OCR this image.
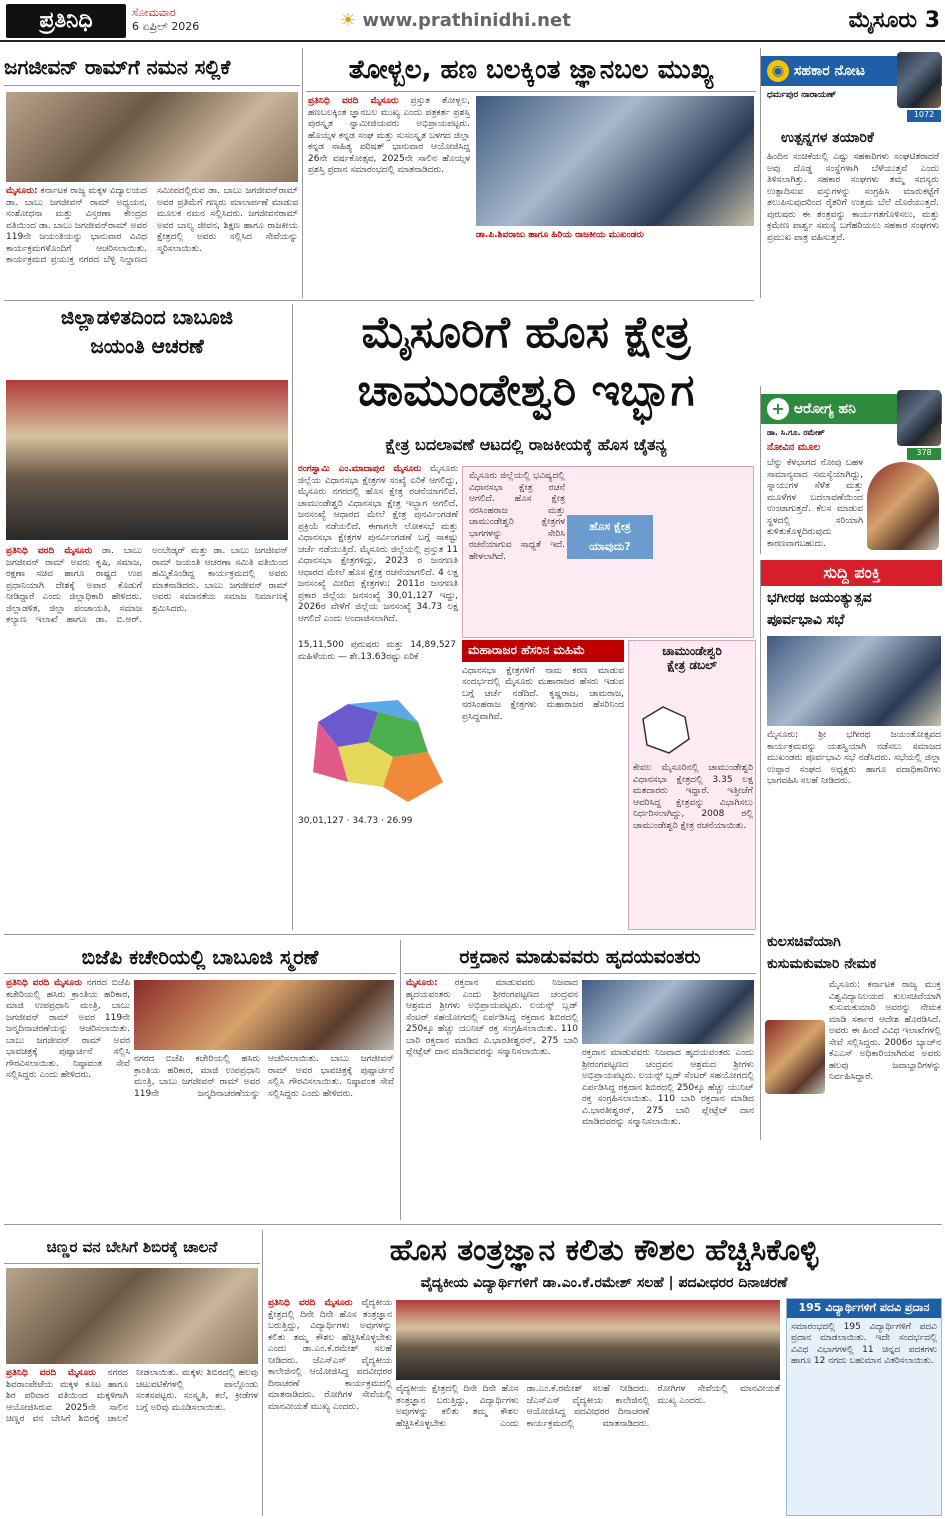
ಪ್ರತಿನಿಧಿ	ಸೋಮವಾರ
6 ಏಪ್ರಿಲ್ 2026	☀ www.prathinidhi.net	ಮೈಸೂರು 3
ಜಗಜೀವನ್ ರಾಮ್‌ಗೆ ನಮನ ಸಲ್ಲಿಕೆ
ಮೈಸೂರು: ಕರ್ನಾಟಕ ರಾಜ್ಯ ಮಕ್ಕಳ ವಿದ್ಯಾಲಯದ ಡಾ. ಬಾಬು ಜಗಜೀವನ್ ರಾಮ್ ಅಧ್ಯಯನ, ಸಂಶೋಧನಾ ಮತ್ತು ವಿಸ್ತರಣಾ ಕೇಂದ್ರದ ವತಿಯಿಂದ ಡಾ. ಬಾಬು ಜಗಜೀವನ್‌ರಾಮ್ ಅವರ 119ನೇ ಜಯಂತಿಯನ್ನು ಭಾನುವಾರ ವಿವಿಧ ಕಾರ್ಯಕ್ರಮಗಳೊಂದಿಗೆ ಆಚರಿಸಲಾಯಿತು. ಕಾರ್ಯಕ್ರಮದ ಪ್ರಯುಕ್ತ ನಗರದ ಬೆಳ್ಳಿ ನಿಲ್ದಾಣದ ಸಮೀಪದಲ್ಲಿರುವ ಡಾ. ಬಾಬು ಜಗಜೀವನ್‌ರಾಮ್ ಅವರ ಪ್ರತಿಮೆಗೆ ಗಣ್ಯರು ಮಾಲಾರ್ಪಣೆ ಮಾಡುವ ಮೂಲಕ ನಮನ ಸಲ್ಲಿಸಿದರು. ಜಗಜೀವನರಾಮ್ ಅವರ ಬಾಲ್ಯ ಜೀವನ, ಶಿಕ್ಷಣ ಹಾಗೂ ರಾಜಕೀಯ ಕ್ಷೇತ್ರದಲ್ಲಿ ಅವರು ಸಲ್ಲಿಸಿದ ಸೇವೆಯನ್ನು ಸ್ಮರಿಸಲಾಯಿತು.
ತೋಳ್ಬಲ, ಹಣ ಬಲಕ್ಕಿಂತ ಜ್ಞಾನಬಲ ಮುಖ್ಯ
ಪ್ರತಿನಿಧಿ ವರದಿ ಮೈಸೂರು ಪ್ರಸ್ತುತ ತೋಳ್ಬಲ, ಹಣಬಲಕ್ಕಿಂತ ಜ್ಞಾನಬಲ ಮುಖ್ಯ ಎಂದು ಪತ್ರಕರ್ತ ಪ್ರಶಸ್ತಿ ಪುರಸ್ಕೃತ ಸ್ವಾಮೀಜಿಯವರು ಅಭಿಪ್ರಾಯಪಟ್ಟರು. ಹೊಯ್ಸಳ ಕನ್ನಡ ಸಂಘ ಮತ್ತು ಸುಸಂಸ್ಕೃತ ಬಳಗದ ಜಿಲ್ಲಾ ಕನ್ನಡ ಸಾಹಿತ್ಯ ಪರಿಷತ್ ಭಾನುವಾರ ಆಯೋಜಿಸಿದ್ದ 26ನೇ ವರ್ಷಕೋತ್ಸವ, 2025ನೇ ಸಾಲಿನ ಹೊಯ್ಸಳ ಪ್ರಶಸ್ತಿ ಪ್ರದಾನ ಸಮಾರಂಭದಲ್ಲಿ ಮಾತನಾಡಿದರು.
ಡಾ.ಪಿ.ಶಿವರಾಜು ಹಾಗೂ ಹಿರಿಯ ರಾಜಕೀಯ ಮುಖಂಡರು
◉ ಸಹಕಾರ ನೋಟ
ಧರ್ಮಪುರ ನಾರಾಯಣ್
1072
ಉತ್ಪನ್ನಗಳ ತಯಾರಿಕೆ
ಹಿಂದಿನ ಸಂಚಿಕೆಯಲ್ಲಿ ಎಷ್ಟು ಸಹಕಾರಿಗಳು ಸಂಘಟಿತರಾದರೆ ಅವು ದೊಡ್ಡ ಸಂಸ್ಥೆಗಳಾಗಿ ಬೆಳೆಯುತ್ತವೆ ಎಂದು ತಿಳಿಸಲಾಗಿತ್ತು. ಸಹಕಾರ ಸಂಘಗಳು ತಮ್ಮ ಸದಸ್ಯರು ಉತ್ಪಾದಿಸುವ ವಸ್ತುಗಳನ್ನು ಸಂಗ್ರಹಿಸಿ ಮಾರುಕಟ್ಟೆಗೆ ತಲುಪಿಸುವುದರಿಂದ ರೈತರಿಗೆ ಉತ್ತಮ ಬೆಲೆ ದೊರೆಯುತ್ತದೆ. ಪುರುಷರು ಈ ತಂತ್ರವನ್ನು ಕಾರ್ಯಗತಗೊಳಿಸಲು, ಮತ್ತು ಕ್ರಮೇಣ ಪಾರ್ಶ್ವ ಸಮಸ್ಯೆ ಬಗೆಹರಿಯಲು ಸಹಕಾರ ಸಂಘಗಳು ಪ್ರಮುಖ ಪಾತ್ರ ವಹಿಸುತ್ತವೆ.
ಜಿಲ್ಲಾಡಳಿತದಿಂದ ಬಾಬೂಜಿ
ಜಯಂತಿ ಆಚರಣೆ
ಪ್ರತಿನಿಧಿ ವರದಿ ಮೈಸೂರು ಡಾ. ಬಾಬು ಜಗಜೀವನ್ ರಾಮ್ ಅವರು ಕೃಷಿ, ಸಮಾಜ, ರಕ್ಷಣಾ ಸಚಿವ ಹಾಗೂ ರಾಷ್ಟ್ರದ ಉಪ ಪ್ರಧಾನಿಯಾಗಿ ದೇಶಕ್ಕೆ ಅಪಾರ ಕೊಡುಗೆ ನೀಡಿದ್ದಾರೆ ಎಂದು ಜಿಲ್ಲಾಧಿಕಾರಿ ಹೇಳಿದರು. ಜಿಲ್ಲಾಡಳಿತ, ಜಿಲ್ಲಾ ಪಂಚಾಯತಿ, ಸಮಾಜ ಕಲ್ಯಾಣ ಇಲಾಖೆ ಹಾಗೂ ಡಾ. ಬಿ.ಆರ್. ಅಂಬೇಡ್ಕರ್ ಮತ್ತು ಡಾ. ಬಾಬು ಜಗಜೀವನ್ ರಾಮ್ ಜಯಂತಿ ಆಚರಣಾ ಸಮಿತಿ ವತಿಯಿಂದ ಹಮ್ಮಿಕೊಂಡಿದ್ದ ಕಾರ್ಯಕ್ರಮದಲ್ಲಿ ಅವರು ಮಾತನಾಡಿದರು. ಬಾಬು ಜಗಜೀವನ್ ರಾಮ್ ಅವರು ಸಮಾನತೆಯ ಸಮಾಜ ನಿರ್ಮಾಣಕ್ಕೆ ಶ್ರಮಿಸಿದರು.
ಮೈಸೂರಿಗೆ ಹೊಸ ಕ್ಷೇತ್ರ
ಚಾಮುಂಡೇಶ್ವರಿ ಇಬ್ಭಾಗ
ಕ್ಷೇತ್ರ ಬದಲಾವಣೆ ಆಟದಲ್ಲಿ ರಾಜಕೀಯಕ್ಕೆ ಹೊಸ ಚೈತನ್ಯ
ರಂಗಸ್ವಾಮಿ ಎಂ.ಮಾದಾಪುರ ಮೈಸೂರು ಮೈಸೂರು ಜಿಲ್ಲೆಯ ವಿಧಾನಸಭಾ ಕ್ಷೇತ್ರಗಳ ಸಂಖ್ಯೆ ಏರಿಕೆ ಆಗಲಿದ್ದು, ಮೈಸೂರು ನಗರದಲ್ಲಿ ಹೊಸ ಕ್ಷೇತ್ರ ರಚನೆಯಾಗಲಿದೆ. ಚಾಮುಂಡೇಶ್ವರಿ ವಿಧಾನಸಭಾ ಕ್ಷೇತ್ರ ಇಬ್ಭಾಗ ಆಗಲಿದೆ. ಜನಸಂಖ್ಯೆ ಆಧಾರದ ಮೇಲೆ ಕ್ಷೇತ್ರ ಪುನರ್ವಿಂಗಡಣೆ ಪ್ರಕ್ರಿಯೆ ನಡೆಯಲಿದೆ. ಈಗಾಗಲೇ ಲೋಕಸಭೆ ಮತ್ತು ವಿಧಾನಸಭಾ ಕ್ಷೇತ್ರಗಳ ಪುನರ್ವಿಂಗಡಣೆ ಬಗ್ಗೆ ಸಾಕಷ್ಟು ಚರ್ಚೆ ನಡೆಯುತ್ತಿದೆ. ಮೈಸೂರು ಜಿಲ್ಲೆಯಲ್ಲಿ ಪ್ರಸ್ತುತ 11 ವಿಧಾನಸಭಾ ಕ್ಷೇತ್ರಗಳಿದ್ದು, 2023 ರ ಜನಗಣತಿ ಆಧಾರದ ಮೇಲೆ ಹೊಸ ಕ್ಷೇತ್ರ ರಚನೆಯಾಗಲಿದೆ. 4 ಲಕ್ಷ ಜನಸಂಖ್ಯೆ ಮೀರಿದ ಕ್ಷೇತ್ರಗಳು: 2011ರ ಜನಗಣತಿ ಪ್ರಕಾರ ಜಿಲ್ಲೆಯ ಜನಸಂಖ್ಯೆ 30,01,127 ಇದ್ದು, 2026ರ ವೇಳೆಗೆ ಜಿಲ್ಲೆಯ ಜನಸಂಖ್ಯೆ 34.73 ಲಕ್ಷ ಆಗಲಿದೆ ಎಂದು ಅಂದಾಜಿಸಲಾಗಿದೆ.
ಹೊಸ ಕ್ಷೇತ್ರ
ಯಾವುದು?
ಮೈಸೂರು ಜಿಲ್ಲೆಯಲ್ಲಿ ಭವಿಷ್ಯದಲ್ಲಿ ವಿಧಾನಸಭಾ ಕ್ಷೇತ್ರ ರಚನೆ ಆಗಲಿದೆ. ಹೊಸ ಕ್ಷೇತ್ರ ನರಸಿಂಹರಾಜ ಮತ್ತು ಚಾಮುಂಡೇಶ್ವರಿ ಕ್ಷೇತ್ರಗಳ ಭಾಗಗಳನ್ನು ಸೇರಿಸಿ ರಚನೆಯಾಗುವ ಸಾಧ್ಯತೆ ಇದೆ. ಹೇಳಲಾಗಿದೆ.
15,11,500 ಪುರುಷರು ಮತ್ತು 14,89,527 ಮಹಿಳೆಯರು — ಶೇ.13.63ರಷ್ಟು ಏರಿಕೆ
30,01,127 · 34.73 · 26.99
ಮಹಾರಾಜರ ಹೆಸರಿನ ಮಹಿಮೆ
ವಿಧಾನಸಭಾ ಕ್ಷೇತ್ರಗಳಿಗೆ ನಾಮ ಕರಣ ಮಾಡುವ ಸಂದರ್ಭದಲ್ಲಿ ಮೈಸೂರು ಮಹಾರಾಜರ ಹೆಸರು ಇಡುವ ಬಗ್ಗೆ ಚರ್ಚೆ ನಡೆದಿದೆ. ಕೃಷ್ಣರಾಜ, ಚಾಮರಾಜ, ನರಸಿಂಹರಾಜ ಕ್ಷೇತ್ರಗಳು ಮಹಾರಾಜರ ಹೆಸರಿನಿಂದ ಪ್ರಸಿದ್ಧವಾಗಿವೆ.
ಚಾಮುಂಡೇಶ್ವರಿ
ಕ್ಷೇತ್ರ ಡಬಲ್
ಕೇವಲ ಮೈಸೂರಿನಲ್ಲಿ ಚಾಮುಂಡೇಶ್ವರಿ ವಿಧಾನಸಭಾ ಕ್ಷೇತ್ರದಲ್ಲಿ 3.35 ಲಕ್ಷ ಮತದಾರರು ಇದ್ದಾರೆ. ಇತ್ತೀಚೆಗೆ ಆವರಿಸಿದ್ದ ಕ್ಷೇತ್ರವನ್ನು ವಿಭಾಗಿಸಲು ನಿರ್ಧರಿಸಲಾಗಿದ್ದು, 2008 ರಲ್ಲಿ ಚಾಮುಂಡೇಶ್ವರಿ ಕ್ಷೇತ್ರ ರಚನೆಯಾಯಿತು.
+ ಆರೋಗ್ಯ ಹನಿ
ಡಾ. ಸಿ.ಗೂ. ರಮೇಶ್
378
ನೋವಿನ ಮೂಲ
ಬೆನ್ನು ಕೆಳಭಾಗದ ನೋವು ಬಹಳ ಸಾಮಾನ್ಯವಾದ ಸಮಸ್ಯೆಯಾಗಿದ್ದು, ಸ್ನಾಯುಗಳ ಸೆಳೆತ ಮತ್ತು ಮೂಳೆಗಳ ಬದಲಾವಣೆಯಿಂದ ಉಂಟಾಗುತ್ತದೆ. ಕೆಲಸ ಮಾಡುವ ಸ್ಥಳದಲ್ಲಿ ಸರಿಯಾಗಿ ಕುಳಿತುಕೊಳ್ಳದಿರುವುದು ಕಾರಣವಾಗಬಹುದು.
ಸುದ್ದಿ ಪಂಕ್ತಿ
ಭಗೀರಥ ಜಯಂತ್ಯುತ್ಸವ
ಪೂರ್ವಭಾವಿ ಸಭೆ
ಮೈಸೂರು: ಶ್ರೀ ಭಗೀರಥ ಜಯಂತೋತ್ಸವದ ಕಾರ್ಯಕ್ರಮವನ್ನು ಯಶಸ್ವಿಯಾಗಿ ನಡೆಸಲು ಸಮಾಜದ ಮುಖಂಡರು ಪೂರ್ವಭಾವಿ ಸಭೆ ನಡೆಸಿದರು. ಸಭೆಯಲ್ಲಿ ಜಿಲ್ಲಾ ಉಪ್ಪಾರ ಸಂಘದ ಅಧ್ಯಕ್ಷರು ಹಾಗೂ ಪದಾಧಿಕಾರಿಗಳು ಭಾಗವಹಿಸಿ ಸಲಹೆ ನೀಡಿದರು.
ಕುಲಸಚಿವೆಯಾಗಿ
ಕುಸುಮಕುಮಾರಿ ನೇಮಕ
ಮೈಸೂರು: ಕರ್ನಾಟಕ ರಾಜ್ಯ ಮುಕ್ತ ವಿಶ್ವವಿದ್ಯಾನಿಲಯದ ಕುಲಸಚಿವೆಯಾಗಿ ಕುಸುಮಕುಮಾರಿ ಅವರನ್ನು ನೇಮಕ ಮಾಡಿ ಸರ್ಕಾರ ಆದೇಶ ಹೊರಡಿಸಿದೆ. ಅವರು ಈ ಹಿಂದೆ ವಿವಿಧ ಇಲಾಖೆಗಳಲ್ಲಿ ಸೇವೆ ಸಲ್ಲಿಸಿದ್ದರು. 2006ರ ಬ್ಯಾಚ್‌ನ ಕೆಎಎಸ್ ಅಧಿಕಾರಿಯಾಗಿರುವ ಅವರು ಹಲವು ಜವಾಬ್ದಾರಿಗಳನ್ನು ನಿರ್ವಹಿಸಿದ್ದಾರೆ.
ಬಿಜೆಪಿ ಕಚೇರಿಯಲ್ಲಿ ಬಾಬೂಜಿ ಸ್ಮರಣೆ
ಪ್ರತಿನಿಧಿ ವರದಿ ಮೈಸೂರು ನಗರದ ಬಿಜೆಪಿ ಕಚೇರಿಯಲ್ಲಿ ಹಸಿರು ಕ್ರಾಂತಿಯ ಹರಿಕಾರ, ಮಾಜಿ ಉಪಪ್ರಧಾನಿ ಮಂತ್ರಿ, ಬಾಬು ಜಗಜೀವನ್ ರಾಮ್ ಅವರ 119ನೇ ಜನ್ಮದಿನಾಚರಣೆಯನ್ನು ಆಚರಿಸಲಾಯಿತು. ಬಾಬು ಜಗಜೀವನ್ ರಾಮ್ ಅವರ ಭಾವಚಿತ್ರಕ್ಕೆ ಪುಷ್ಪಾರ್ಚನೆ ಸಲ್ಲಿಸಿ ಗೌರವಿಸಲಾಯಿತು. ನಿಷ್ಠಾವಂತ ಸೇವೆ ಸಲ್ಲಿಸಿದ್ದರು ಎಂದು ಹೇಳಿದರು.
ನಗರದ ಬಿಜೆಪಿ ಕಚೇರಿಯಲ್ಲಿ ಹಸಿರು ಕ್ರಾಂತಿಯ ಹರಿಕಾರ, ಮಾಜಿ ಉಪಪ್ರಧಾನಿ ಮಂತ್ರಿ, ಬಾಬು ಜಗಜೀವನ್ ರಾಮ್ ಅವರ 119ನೇ ಜನ್ಮದಿನಾಚರಣೆಯನ್ನು ಆಚರಿಸಲಾಯಿತು. ಬಾಬು ಜಗಜೀವನ್ ರಾಮ್ ಅವರ ಭಾವಚಿತ್ರಕ್ಕೆ ಪುಷ್ಪಾರ್ಚನೆ ಸಲ್ಲಿಸಿ ಗೌರವಿಸಲಾಯಿತು. ನಿಷ್ಠಾವಂತ ಸೇವೆ ಸಲ್ಲಿಸಿದ್ದರು ಎಂದು ಹೇಳಿದರು.
ರಕ್ತದಾನ ಮಾಡುವವರು ಹೃದಯವಂತರು
ಮೈಸೂರು: ರಕ್ತದಾನ ಮಾಡುವವರು ನಿಜವಾದ ಹೃದಯವಂತರು ಎಂದು ಶ್ರೀರಂಗಪಟ್ಟಣದ ಚಂದ್ರವನ ಆಶ್ರಮದ ಶ್ರೀಗಳು ಅಭಿಪ್ರಾಯಪಟ್ಟರು. ಲಯನ್ಸ್ ಬ್ಲಡ್ ಸೆಂಟರ್ ಸಹಯೋಗದಲ್ಲಿ ಏರ್ಪಡಿಸಿದ್ದ ರಕ್ತದಾನ ಶಿಬಿರದಲ್ಲಿ 250ಕ್ಕೂ ಹೆಚ್ಚು ಯುನಿಟ್ ರಕ್ತ ಸಂಗ್ರಹಿಸಲಾಯಿತು. 110 ಬಾರಿ ರಕ್ತದಾನ ಮಾಡಿದ ವಿ.ಭಾರತೀಶ್ವರನ್, 275 ಬಾರಿ ಪ್ಲೇಟ್ಲೆಟ್ ದಾನ ಮಾಡಿದವರನ್ನು ಸನ್ಮಾನಿಸಲಾಯಿತು.	ರಕ್ತದಾನ ಮಾಡುವವರು ನಿಜವಾದ ಹೃದಯವಂತರು ಎಂದು ಶ್ರೀರಂಗಪಟ್ಟಣದ ಚಂದ್ರವನ ಆಶ್ರಮದ ಶ್ರೀಗಳು ಅಭಿಪ್ರಾಯಪಟ್ಟರು. ಲಯನ್ಸ್ ಬ್ಲಡ್ ಸೆಂಟರ್ ಸಹಯೋಗದಲ್ಲಿ ಏರ್ಪಡಿಸಿದ್ದ ರಕ್ತದಾನ ಶಿಬಿರದಲ್ಲಿ 250ಕ್ಕೂ ಹೆಚ್ಚು ಯುನಿಟ್ ರಕ್ತ ಸಂಗ್ರಹಿಸಲಾಯಿತು. 110 ಬಾರಿ ರಕ್ತದಾನ ಮಾಡಿದ ವಿ.ಭಾರತೀಶ್ವರನ್, 275 ಬಾರಿ ಪ್ಲೇಟ್ಲೆಟ್ ದಾನ ಮಾಡಿದವರನ್ನು ಸನ್ಮಾನಿಸಲಾಯಿತು.
ಚಿಣ್ಣರ ವನ ಬೇಸಿಗೆ ಶಿಬಿರಕ್ಕೆ ಚಾಲನೆ
ಪ್ರತಿನಿಧಿ ವರದಿ ಮೈಸೂರು ನಗರದ ಶಿವರಾಂಪೇಟೆಯ ಮಕ್ಕಳ ಕೂಟ ಹಾಗೂ ಶಿರ ಪರಿವಾರ ವತಿಯಿಂದ ಮಕ್ಕಳಿಗಾಗಿ ಆಯೋಜಿಸಿರುವ 2025ನೇ ಸಾಲಿನ ಚಿಣ್ಣರ ವನ ಬೇಸಿಗೆ ಶಿಬಿರಕ್ಕೆ ಚಾಲನೆ ನೀಡಲಾಯಿತು. ಮಕ್ಕಳು ಶಿಬಿರದಲ್ಲಿ ಹಲವು ಚಟುವಟಿಕೆಗಳಲ್ಲಿ ಪಾಲ್ಗೊಂಡು ಸಂತಸಪಟ್ಟರು. ಸಂಸ್ಕೃತಿ, ಕಲೆ, ಕ್ರೀಡೆಗಳ ಬಗ್ಗೆ ಅರಿವು ಮೂಡಿಸಲಾಯಿತು.
ಹೊಸ ತಂತ್ರಜ್ಞಾನ ಕಲಿತು ಕೌಶಲ ಹೆಚ್ಚಿಸಿಕೊಳ್ಳಿ
ವೈದ್ಯಕೀಯ ವಿದ್ಯಾರ್ಥಿಗಳಿಗೆ ಡಾ.ಎಂ.ಕೆ.ರಮೇಶ್ ಸಲಹೆ | ಪದವೀಧರರ ದಿನಾಚರಣೆ
ಪ್ರತಿನಿಧಿ ವರದಿ ಮೈಸೂರು ವೈದ್ಯಕೀಯ ಕ್ಷೇತ್ರದಲ್ಲಿ ದಿನೇ ದಿನೇ ಹೊಸ ತಂತ್ರಜ್ಞಾನ ಬರುತ್ತಿದ್ದು, ವಿದ್ಯಾರ್ಥಿಗಳು ಅವುಗಳನ್ನು ಕಲಿತು ತಮ್ಮ ಕೌಶಲ ಹೆಚ್ಚಿಸಿಕೊಳ್ಳಬೇಕು ಎಂದು ಡಾ.ಎಂ.ಕೆ.ರಮೇಶ್ ಸಲಹೆ ನೀಡಿದರು. ಜೆಎಸ್‌ಎಸ್ ವೈದ್ಯಕೀಯ ಕಾಲೇಜಿನಲ್ಲಿ ಆಯೋಜಿಸಿದ್ದ ಪದವೀಧರರ ದಿನಾಚರಣೆ ಕಾರ್ಯಕ್ರಮದಲ್ಲಿ ಮಾತನಾಡಿದರು. ರೋಗಿಗಳ ಸೇವೆಯಲ್ಲಿ ಮಾನವೀಯತೆ ಮುಖ್ಯ ಎಂದರು.
ವೈದ್ಯಕೀಯ ಕ್ಷೇತ್ರದಲ್ಲಿ ದಿನೇ ದಿನೇ ಹೊಸ ತಂತ್ರಜ್ಞಾನ ಬರುತ್ತಿದ್ದು, ವಿದ್ಯಾರ್ಥಿಗಳು ಅವುಗಳನ್ನು ಕಲಿತು ತಮ್ಮ ಕೌಶಲ ಹೆಚ್ಚಿಸಿಕೊಳ್ಳಬೇಕು ಎಂದು ಡಾ.ಎಂ.ಕೆ.ರಮೇಶ್ ಸಲಹೆ ನೀಡಿದರು. ಜೆಎಸ್‌ಎಸ್ ವೈದ್ಯಕೀಯ ಕಾಲೇಜಿನಲ್ಲಿ ಆಯೋಜಿಸಿದ್ದ ಪದವೀಧರರ ದಿನಾಚರಣೆ ಕಾರ್ಯಕ್ರಮದಲ್ಲಿ ಮಾತನಾಡಿದರು. ರೋಗಿಗಳ ಸೇವೆಯಲ್ಲಿ ಮಾನವೀಯತೆ ಮುಖ್ಯ ಎಂದರು.
195 ವಿದ್ಯಾರ್ಥಿಗಳಿಗೆ ಪದವಿ ಪ್ರದಾನ
ಸಮಾರಂಭದಲ್ಲಿ 195 ವಿದ್ಯಾರ್ಥಿಗಳಿಗೆ ಪದವಿ ಪ್ರದಾನ ಮಾಡಲಾಯಿತು. ಇದೇ ಸಂದರ್ಭದಲ್ಲಿ ವಿವಿಧ ವಿಭಾಗಗಳಲ್ಲಿ 11 ಚಿನ್ನದ ಪದಕಗಳು ಹಾಗೂ 12 ನಗದು ಬಹುಮಾನ ವಿತರಿಸಲಾಯಿತು.
